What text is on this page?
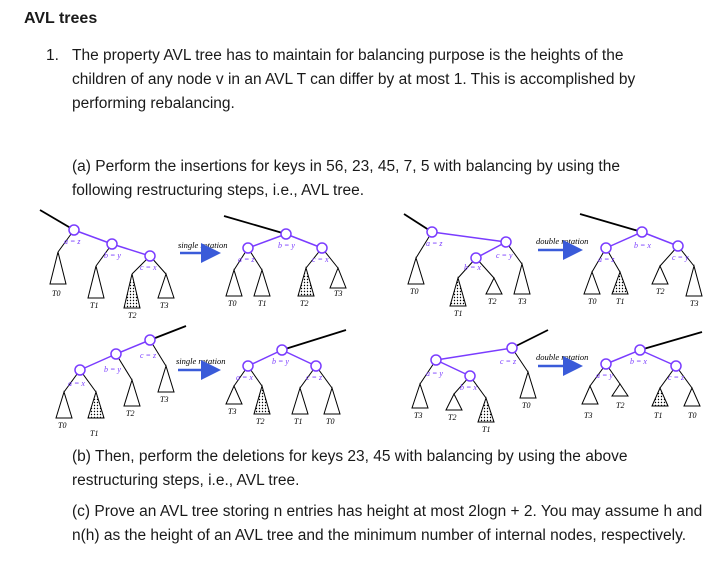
AVL trees
1. The property AVL tree has to maintain for balancing purpose is the heights of the children of any node v in an AVL T can differ by at most 1. This is accomplished by performing rebalancing.
(a) Perform the insertions for keys in 56, 23, 45, 7, 5 with balancing by using the following restructuring steps, i.e., AVL tree.
a = z
b = y
c = x
T0
T1
T2
T3
single rotation	b = y
a = z	c = x
T0	T1	T2
T3
a = z
c = y
b = x
T0
T1
T2	T3
double rotation	b = x
a = z	c = y
T0 T1
T2
T3
c = z
b = y
a = x
T0
T1
T2
T3
single rotation	b = y
a = x	c = z
T3
T2	T1	T0
c = z
a = y
b = x
T3	T2
T1
T0
double rotation	b = x
a = y	c = z
T3
T2
T1	T0
(b) Then, perform the deletions for keys 23, 45 with balancing by using the above restructuring steps, i.e., AVL tree.
(c) Prove an AVL tree storing n entries has height at most 2logn + 2. You may assume h and n(h) as the height of an AVL tree and the minimum number of internal nodes, respectively.
